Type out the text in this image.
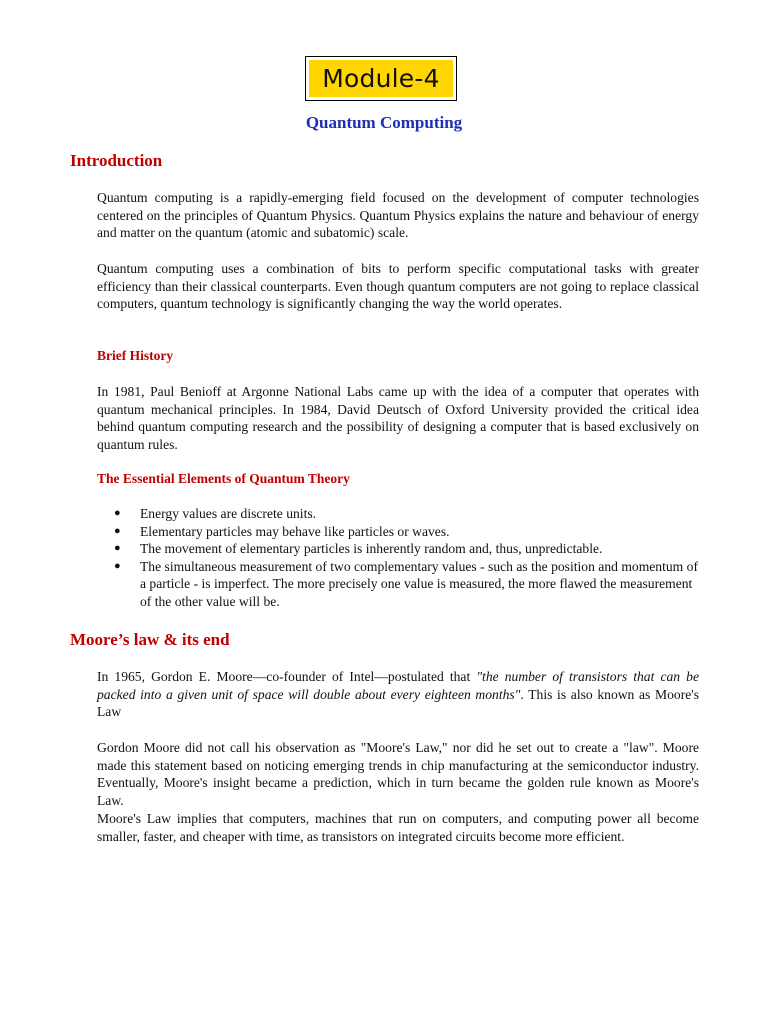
Module-4
Quantum Computing
Introduction

Quantum computing is a rapidly-emerging field focused on the development of computer technologies centered on the principles of Quantum Physics. Quantum Physics explains the nature and behaviour of energy and matter on the quantum (atomic and subatomic) scale.

Quantum computing uses a combination of bits to perform specific computational tasks with greater efficiency than their classical counterparts. Even though quantum computers are not going to replace classical computers, quantum technology is significantly changing the way the world operates.

Brief History

In 1981, Paul Benioff at Argonne National Labs came up with the idea of a computer that operates with quantum mechanical principles. In 1984, David Deutsch of Oxford University provided the critical idea behind quantum computing research and the possibility of designing a computer that is based exclusively on quantum rules.

The Essential Elements of Quantum Theory
● Energy values are discrete units.
● Elementary particles may behave like particles or waves.
● The movement of elementary particles is inherently random and, thus, unpredictable.
● The simultaneous measurement of two complementary values - such as the position and momentum of a particle - is imperfect. The more precisely one value is measured, the more flawed the measurement of the other value will be.
Moore’s law & its end

In 1965, Gordon E. Moore—co-founder of Intel—postulated that "the number of transistors that can be packed into a given unit of space will double about every eighteen months". This is also known as Moore's Law

Gordon Moore did not call his observation as "Moore's Law," nor did he set out to create a "law". Moore made this statement based on noticing emerging trends in chip manufacturing at the semiconductor industry. Eventually, Moore's insight became a prediction, which in turn became the golden rule known as Moore's Law.

Moore's Law implies that computers, machines that run on computers, and computing power all become smaller, faster, and cheaper with time, as transistors on integrated circuits become more efficient.
